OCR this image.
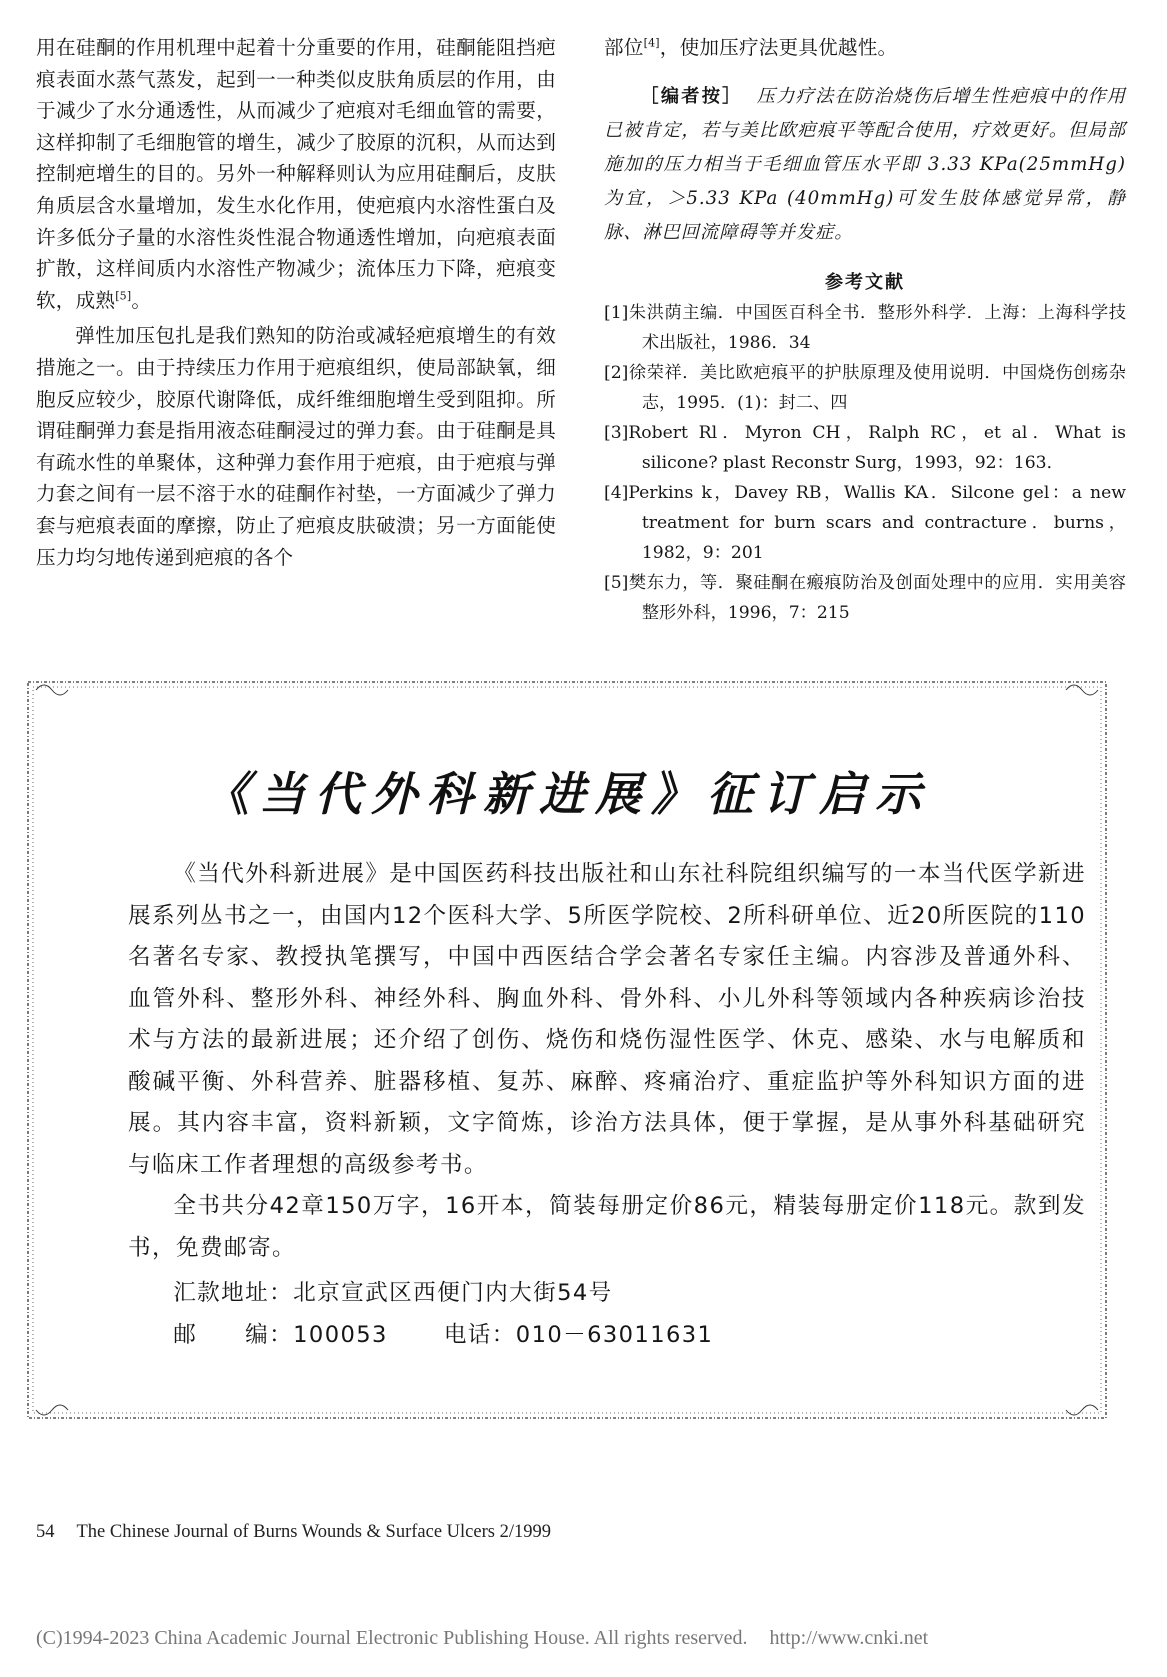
用在硅酮的作用机理中起着十分重要的作用，硅酮能阻挡疤痕表面水蒸气蒸发，起到一一种类似皮肤角质层的作用，由于减少了水分通透性，从而减少了疤痕对毛细血管的需要，这样抑制了毛细胞管的增生，减少了胶原的沉积，从而达到控制疤增生的目的。另外一种解释则认为应用硅酮后，皮肤角质层含水量增加，发生水化作用，使疤痕内水溶性蛋白及许多低分子量的水溶性炎性混合物通透性增加，向疤痕表面扩散，这样间质内水溶性产物减少；流体压力下降，疤痕变软，成熟[5]。

弹性加压包扎是我们熟知的防治或减轻疤痕增生的有效措施之一。由于持续压力作用于疤痕组织，使局部缺氧，细胞反应较少，胶原代谢降低，成纤维细胞增生受到阻抑。所谓硅酮弹力套是指用液态硅酮浸过的弹力套。由于硅酮是具有疏水性的单聚体，这种弹力套作用于疤痕，由于疤痕与弹力套之间有一层不溶于水的硅酮作衬垫，一方面减少了弹力套与疤痕表面的摩擦，防止了疤痕皮肤破溃；另一方面能使压力均匀地传递到疤痕的各个

部位[4]，使加压疗法更具优越性。

［编者按］ 压力疗法在防治烧伤后增生性疤痕中的作用已被肯定，若与美比欧疤痕平等配合使用，疗效更好。但局部施加的压力相当于毛细血管压水平即 3.33 KPa(25mmHg)为宜，＞5.33 KPa (40mmHg)可发生肢体感觉异常，静脉、淋巴回流障碍等并发症。

参考文献
[1]朱洪荫主编．中国医百科全书．整形外科学．上海：上海科学技术出版社，1986．34
[2]徐荣祥．美比欧疤痕平的护肤原理及使用说明．中国烧伤创疡杂志，1995．(1)：封二、四
[3]Robert Rl．Myron CH，Ralph RC，et al．What is silicone? plast Reconstr Surg，1993，92：163．
[4]Perkins k，Davey RB，Wallis KA．Silcone gel：a new treatment for burn scars and contracture．burns，1982，9：201
[5]樊东力，等．聚硅酮在瘢痕防治及创面处理中的应用．实用美容整形外科，1996，7：215
《当代外科新进展》征订启示

《当代外科新进展》是中国医药科技出版社和山东社科院组织编写的一本当代医学新进展系列丛书之一，由国内12个医科大学、5所医学院校、2所科研单位、近20所医院的110名著名专家、教授执笔撰写，中国中西医结合学会著名专家任主编。内容涉及普通外科、血管外科、整形外科、神经外科、胸血外科、骨外科、小儿外科等领域内各种疾病诊治技术与方法的最新进展；还介绍了创伤、烧伤和烧伤湿性医学、休克、感染、水与电解质和酸碱平衡、外科营养、脏器移植、复苏、麻醉、疼痛治疗、重症监护等外科知识方面的进展。其内容丰富，资料新颖，文字简炼，诊治方法具体，便于掌握，是从事外科基础研究与临床工作者理想的高级参考书。

全书共分42章150万字，16开本，简装每册定价86元，精装每册定价118元。款到发书，免费邮寄。

汇款地址：北京宣武区西便门内大街54号

邮　　编：100053 电话：010－63011631
54 The Chinese Journal of Burns Wounds & Surface Ulcers 2/1999
(C)1994-2023 China Academic Journal Electronic Publishing House. All rights reserved. http://www.cnki.net
